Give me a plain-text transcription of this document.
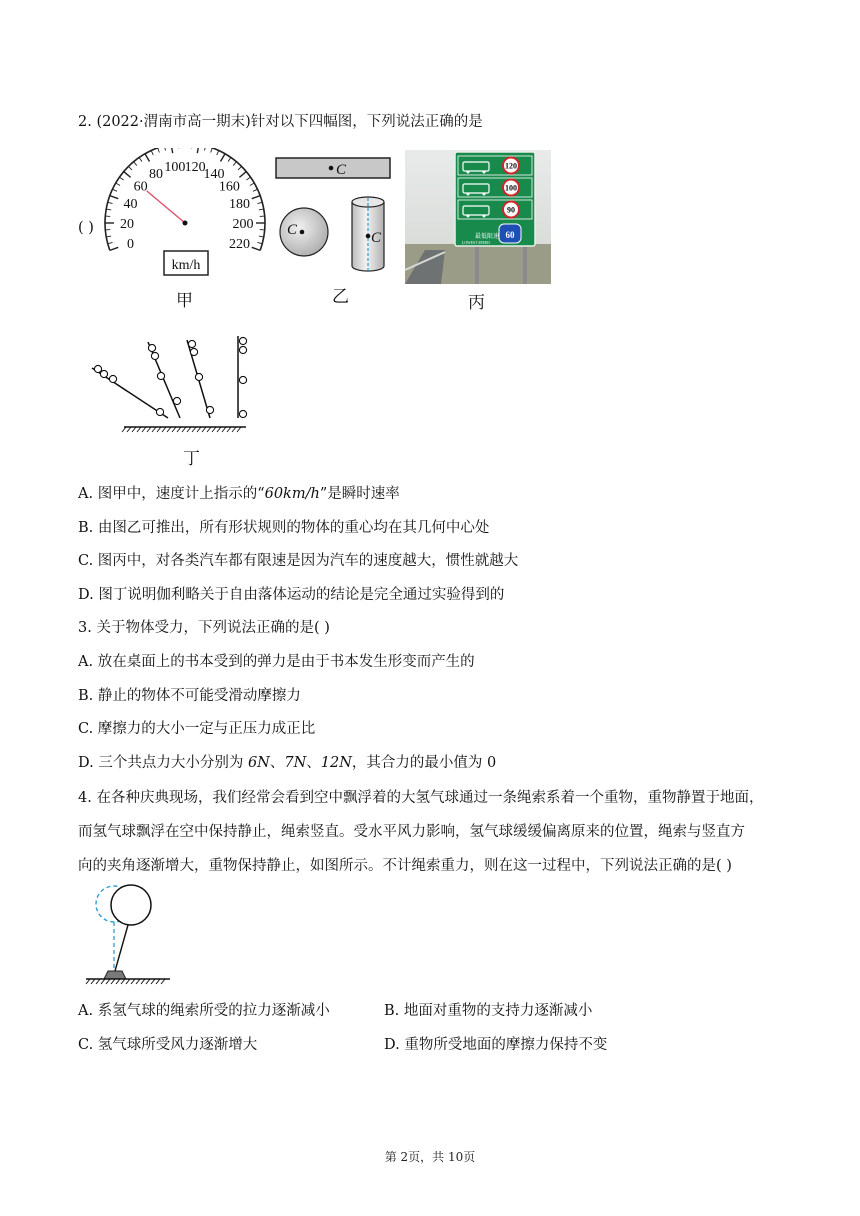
2. (2022·渭南市高一期末)针对以下四幅图，下列说法正确的是
( )
0
20
40
60
80 100 120
140
160
180
200
220
km/h
甲
C
C	C
乙
120
100
90
最低限速
LOWEST SPEED
60
丙
丁
A. 图甲中，速度计上指示的“60km/h”是瞬时速率
B. 由图乙可推出，所有形状规则的物体的重心均在其几何中心处
C. 图丙中，对各类汽车都有限速是因为汽车的速度越大，惯性就越大
D. 图丁说明伽利略关于自由落体运动的结论是完全通过实验得到的
3. 关于物体受力，下列说法正确的是( )
A. 放在桌面上的书本受到的弹力是由于书本发生形变而产生的
B. 静止的物体不可能受滑动摩擦力
C. 摩擦力的大小一定与正压力成正比
D. 三个共点力大小分别为 6N、7N、12N，其合力的最小值为 0
4. 在各种庆典现场，我们经常会看到空中飘浮着的大氢气球通过一条绳索系着一个重物，重物静置于地面，
而氢气球飘浮在空中保持静止，绳索竖直。受水平风力影响，氢气球缓缓偏离原来的位置，绳索与竖直方
向的夹角逐渐增大，重物保持静止，如图所示。不计绳索重力，则在这一过程中，下列说法正确的是( )
A. 系氢气球的绳索所受的拉力逐渐减小	B. 地面对重物的支持力逐渐减小
C. 氢气球所受风力逐渐增大	D. 重物所受地面的摩擦力保持不变
第 2页，共 10页
